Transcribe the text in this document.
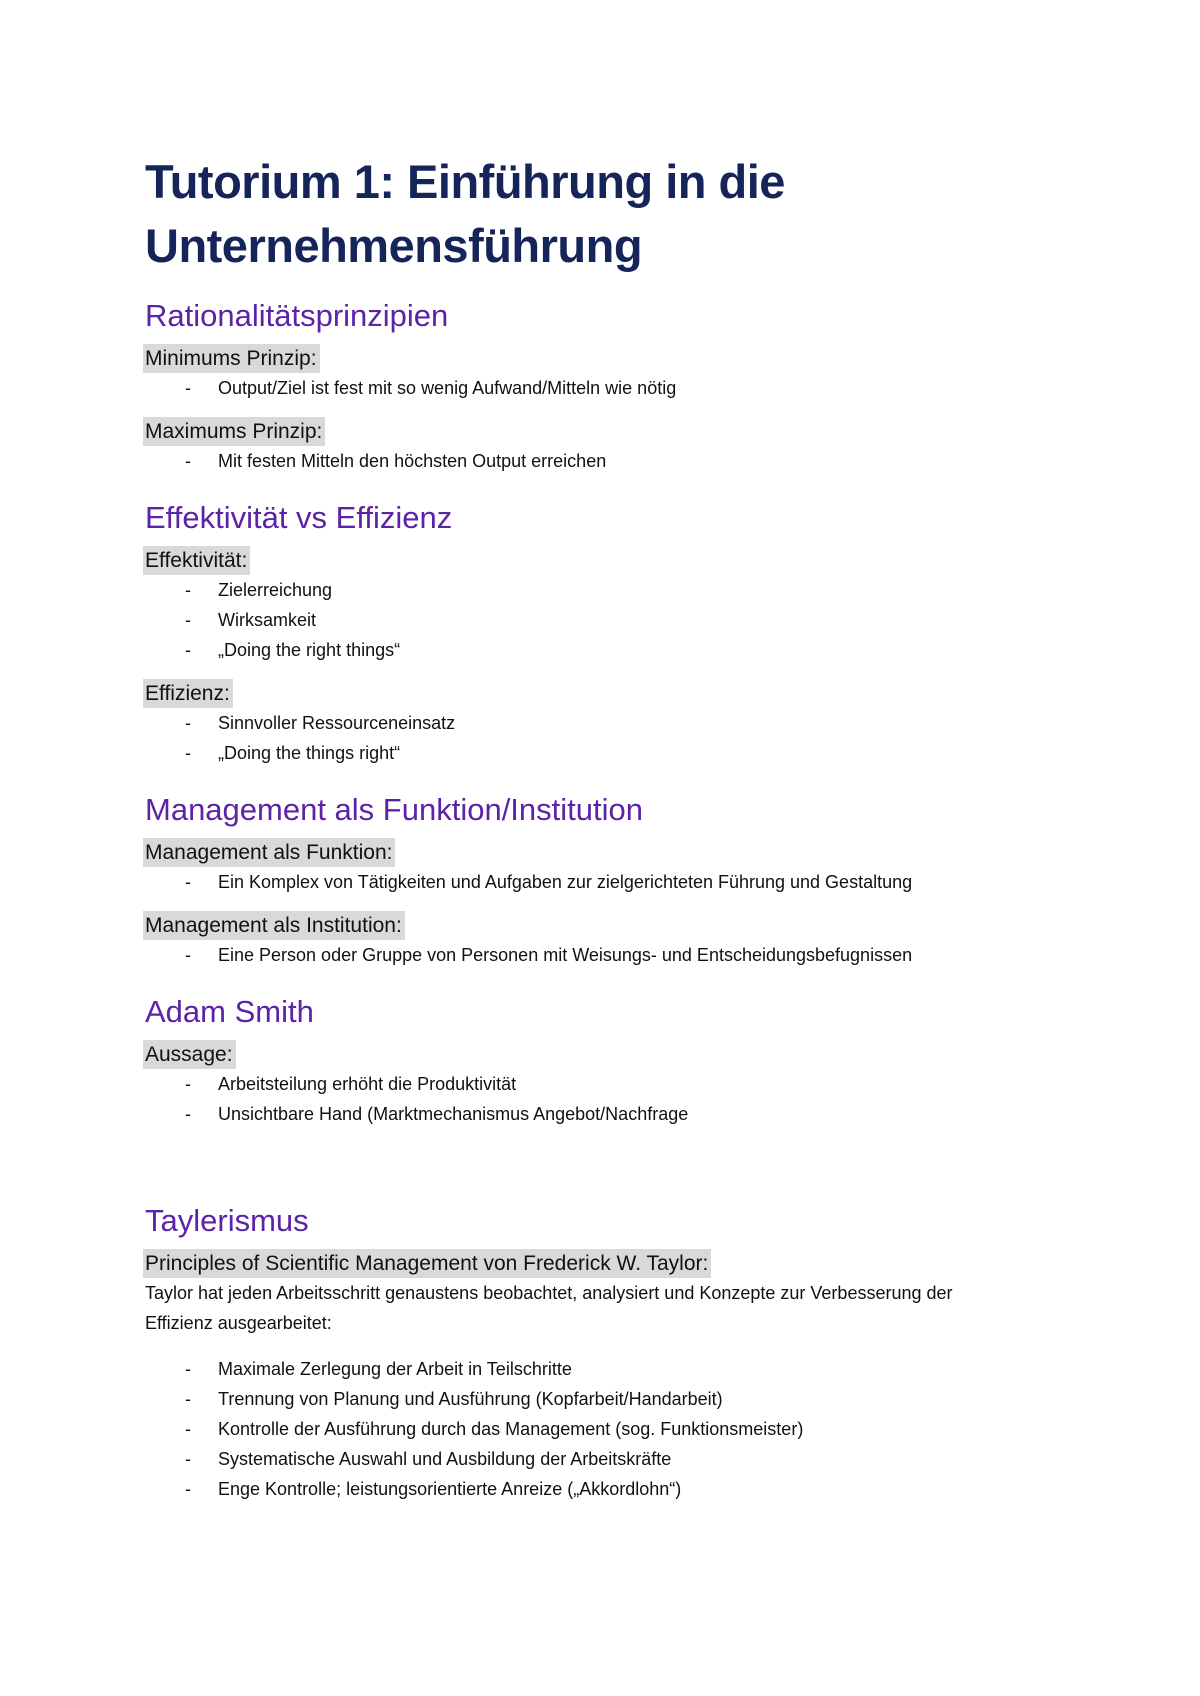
Tutorium 1: Einführung in die
Unternehmensführung
Rationalitätsprinzipien
Minimums Prinzip:
- Output/Ziel ist fest mit so wenig Aufwand/Mitteln wie nötig
Maximums Prinzip:
- Mit festen Mitteln den höchsten Output erreichen
Effektivität vs Effizienz
Effektivität:
- Zielerreichung
- Wirksamkeit
- „Doing the right things“
Effizienz:
- Sinnvoller Ressourceneinsatz
- „Doing the things right“
Management als Funktion/Institution
Management als Funktion:
- Ein Komplex von Tätigkeiten und Aufgaben zur zielgerichteten Führung und Gestaltung
Management als Institution:
- Eine Person oder Gruppe von Personen mit Weisungs- und Entscheidungsbefugnissen
Adam Smith
Aussage:
- Arbeitsteilung erhöht die Produktivität
- Unsichtbare Hand (Marktmechanismus Angebot/Nachfrage
Taylerismus
Principles of Scientific Management von Frederick W. Taylor:

Taylor hat jeden Arbeitsschritt genaustens beobachtet, analysiert und Konzepte zur Verbesserung der
Effizienz ausgearbeitet:

- Maximale Zerlegung der Arbeit in Teilschritte
- Trennung von Planung und Ausführung (Kopfarbeit/Handarbeit)
- Kontrolle der Ausführung durch das Management (sog. Funktionsmeister)
- Systematische Auswahl und Ausbildung der Arbeitskräfte
- Enge Kontrolle; leistungsorientierte Anreize („Akkordlohn“)
